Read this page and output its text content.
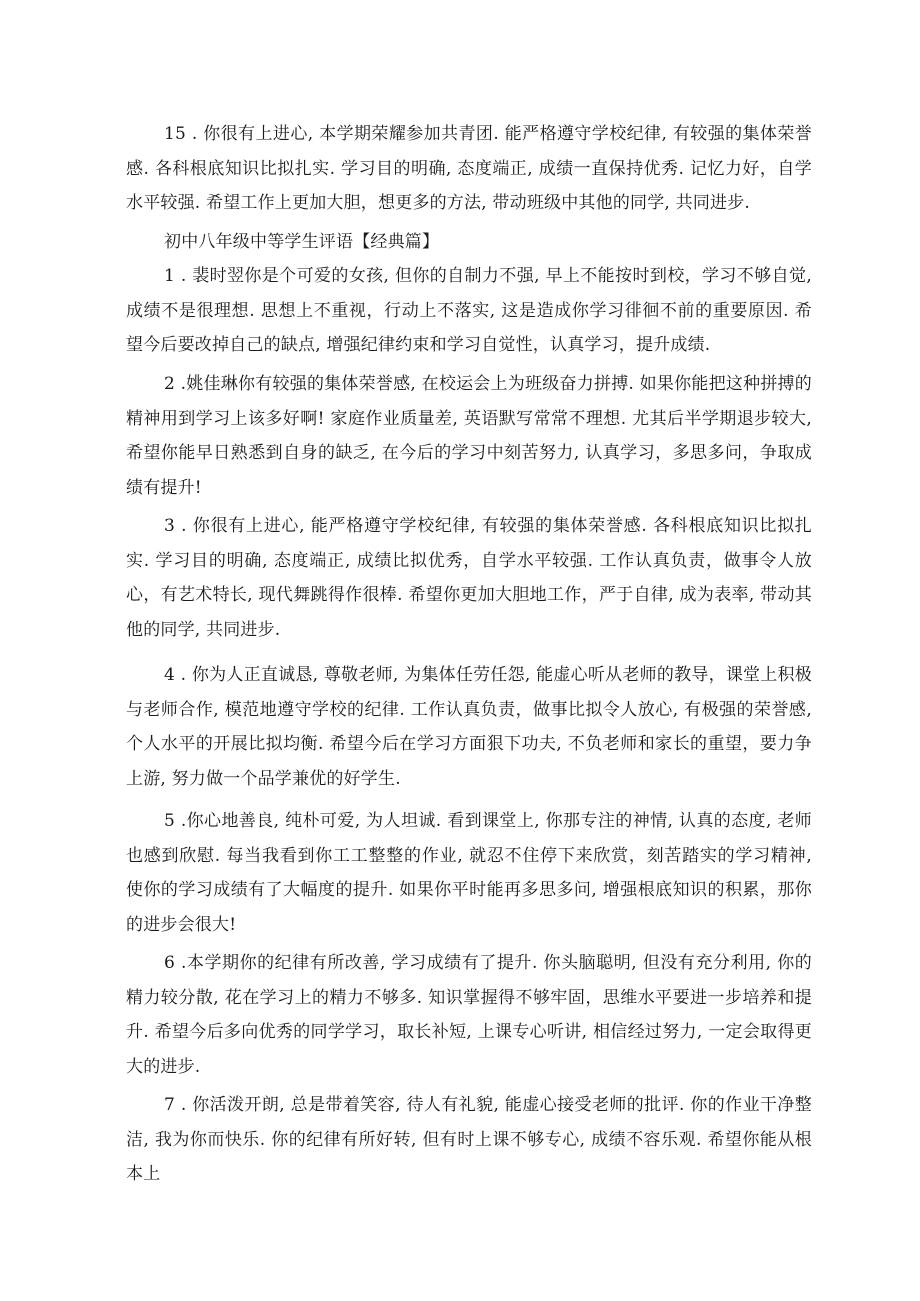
15 . 你很有上进心, 本学期荣耀参加共青团. 能严格遵守学校纪律, 有较强的集体荣誉感. 各科根底知识比拟扎实. 学习目的明确, 态度端正, 成绩一直保持优秀. 记忆力好，自学水平较强. 希望工作上更加大胆，想更多的方法, 带动班级中其他的同学, 共同进步.

初中八年级中等学生评语【经典篇】

1 . 裴时翌你是个可爱的女孩, 但你的自制力不强, 早上不能按时到校，学习不够自觉, 成绩不是很理想. 思想上不重视，行动上不落实, 这是造成你学习徘徊不前的重要原因. 希望今后要改掉自己的缺点, 增强纪律约束和学习自觉性，认真学习，提升成绩.

2 .姚佳琳你有较强的集体荣誉感, 在校运会上为班级奋力拼搏. 如果你能把这种拼搏的精神用到学习上该多好啊! 家庭作业质量差, 英语默写常常不理想. 尤其后半学期退步较大, 希望你能早日熟悉到自身的缺乏, 在今后的学习中刻苦努力, 认真学习，多思多问，争取成绩有提升!

3 . 你很有上进心, 能严格遵守学校纪律, 有较强的集体荣誉感. 各科根底知识比拟扎实. 学习目的明确, 态度端正, 成绩比拟优秀，自学水平较强. 工作认真负责，做事令人放心，有艺术特长, 现代舞跳得作很棒. 希望你更加大胆地工作，严于自律, 成为表率, 带动其他的同学, 共同进步.

4 . 你为人正直诚恳, 尊敬老师, 为集体任劳任怨, 能虚心听从老师的教导，课堂上积极与老师合作, 模范地遵守学校的纪律. 工作认真负责，做事比拟令人放心, 有极强的荣誉感, 个人水平的开展比拟均衡. 希望今后在学习方面狠下功夫, 不负老师和家长的重望，要力争上游, 努力做一个品学兼优的好学生.

5 .你心地善良, 纯朴可爱, 为人坦诚. 看到课堂上, 你那专注的神情, 认真的态度, 老师也感到欣慰. 每当我看到你工工整整的作业, 就忍不住停下来欣赏，刻苦踏实的学习精神, 使你的学习成绩有了大幅度的提升. 如果你平时能再多思多问, 增强根底知识的积累，那你的进步会很大!

6 .本学期你的纪律有所改善, 学习成绩有了提升. 你头脑聪明, 但没有充分利用, 你的精力较分散, 花在学习上的精力不够多. 知识掌握得不够牢固，思维水平要进一步培养和提升. 希望今后多向优秀的同学学习，取长补短, 上课专心听讲, 相信经过努力, 一定会取得更大的进步.

7 . 你活泼开朗, 总是带着笑容, 待人有礼貌, 能虚心接受老师的批评. 你的作业干净整洁, 我为你而快乐. 你的纪律有所好转, 但有时上课不够专心, 成绩不容乐观. 希望你能从根本上
